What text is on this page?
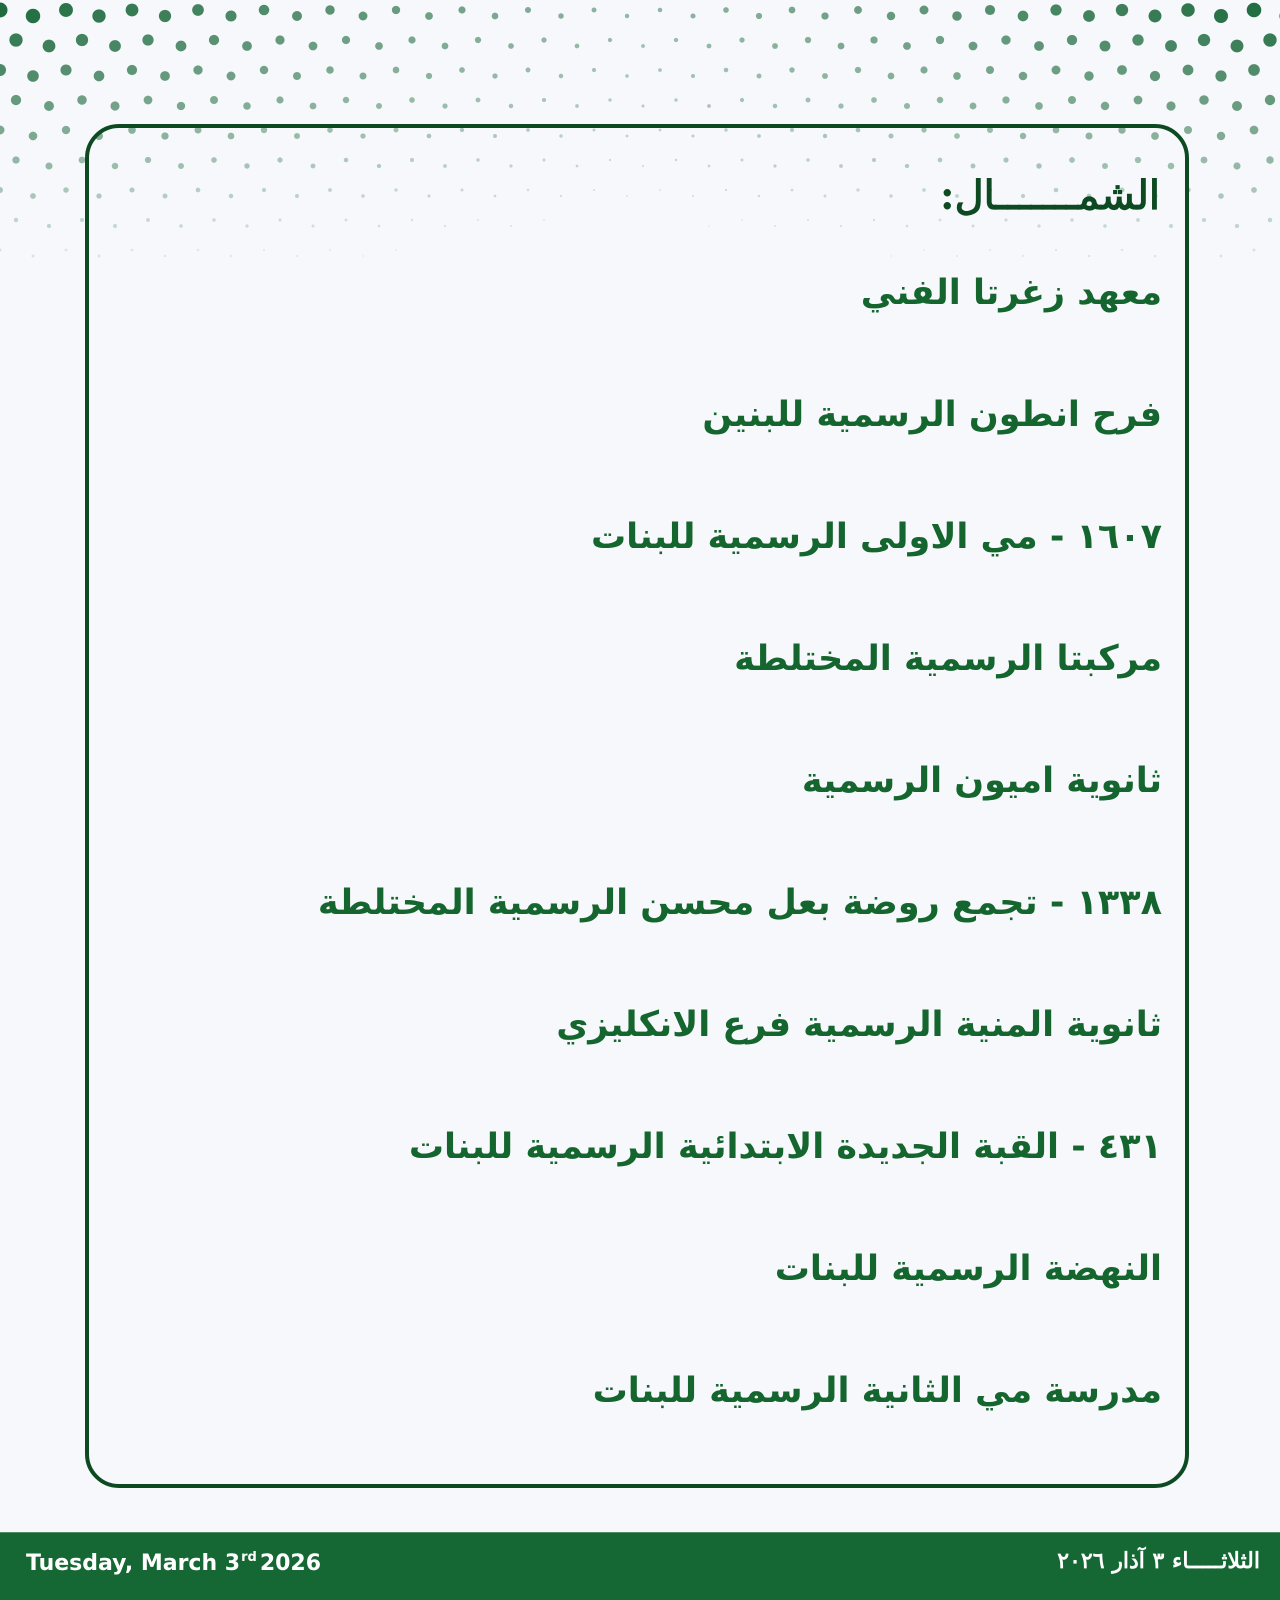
الشمـــــــال:
معهد زغرتا الفني
فرح انطون الرسمية للبنين
١٦٠٧ - مي الاولى الرسمية للبنات
مركبتا الرسمية المختلطة
ثانوية اميون الرسمية
١٣٣٨ - تجمع روضة بعل محسن الرسمية المختلطة
ثانوية المنية الرسمية فرع الانكليزي
٤٣١ - القبة الجديدة الابتدائية الرسمية للبنات
النهضة الرسمية للبنات
مدرسة مي الثانية الرسمية للبنات
Tuesday, March 3rd 2026	الثلاثـــــاء ٣ آذار ٢٠٢٦
